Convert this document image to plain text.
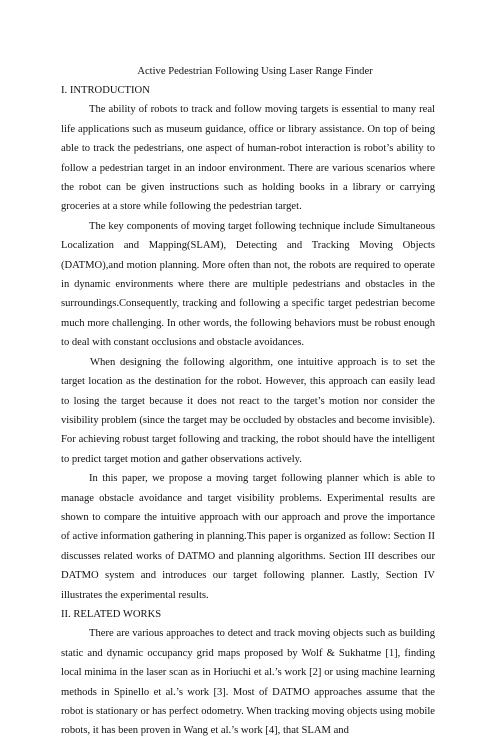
Active Pedestrian Following Using Laser Range Finder
I. INTRODUCTION

The ability of robots to track and follow moving targets is essential to many real life applications such as museum guidance, office or library assistance. On top of being able to track the pedestrians, one aspect of human-robot interaction is robot’s ability to follow a pedestrian target in an indoor environment. There are various scenarios where the robot can be given instructions such as holding books in a library or carrying groceries at a store while following the pedestrian target.

The key components of moving target following technique include Simultaneous Localization and Mapping(SLAM), Detecting and Tracking Moving Objects (DATMO),and motion planning. More often than not, the robots are required to operate in dynamic environments where there are multiple pedestrians and obstacles in the surroundings.Consequently, tracking and following a specific target pedestrian become much more challenging. In other words, the following behaviors must be robust enough to deal with constant occlusions and obstacle avoidances.

When designing the following algorithm, one intuitive approach is to set the target location as the destination for the robot. However, this approach can easily lead to losing the target because it does not react to the target’s motion nor consider the visibility problem (since the target may be occluded by obstacles and become invisible). For achieving robust target following and tracking, the robot should have the intelligent to predict target motion and gather observations actively.

In this paper, we propose a moving target following planner which is able to manage obstacle avoidance and target visibility problems. Experimental results are shown to compare the intuitive approach with our approach and prove the importance of active information gathering in planning.This paper is organized as follow: Section II discusses related works of DATMO and planning algorithms. Section III describes our DATMO system and introduces our target following planner. Lastly, Section IV illustrates the experimental results.

II. RELATED WORKS

There are various approaches to detect and track moving objects such as building static and dynamic occupancy grid maps proposed by Wolf & Sukhatme [1], finding local minima in the laser scan as in Horiuchi et al.’s work [2] or using machine learning methods in Spinello et al.’s work [3]. Most of DATMO approaches assume that the robot is stationary or has perfect odometry. When tracking moving objects using mobile robots, it has been proven in Wang et al.’s work [4], that SLAM and
